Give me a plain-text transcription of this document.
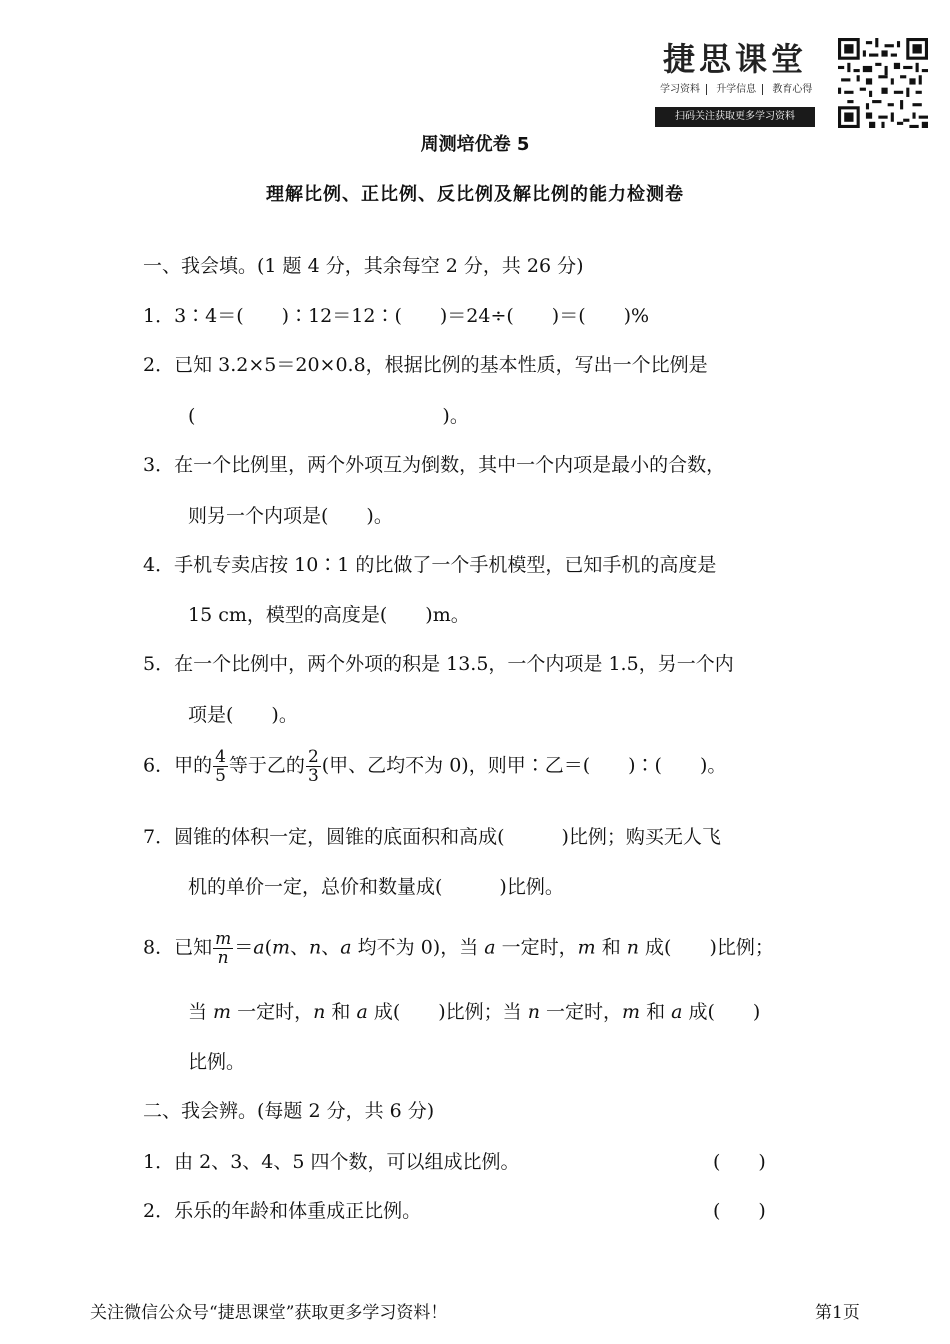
捷思课堂
学习资料 升学信息 教育心得
扫码关注获取更多学习资料
周测培优卷 5
理解比例、正比例、反比例及解比例的能力检测卷
一、我会填。(1 题 4 分，其余每空 2 分，共 26 分)
1．3∶4＝(　　)∶12＝12∶(　　)＝24÷(　　)＝(　　)%
2．已知 3.2×5＝20×0.8，根据比例的基本性质，写出一个比例是
(　　　　　　　　　　　　　)。
3．在一个比例里，两个外项互为倒数，其中一个内项是最小的合数，
则另一个内项是(　　)。
4．手机专卖店按 10∶1 的比做了一个手机模型，已知手机的高度是
15 cm，模型的高度是(　　)m。
5．在一个比例中，两个外项的积是 13.5，一个内项是 1.5，另一个内
项是(　　)。
6．甲的 $\frac{4}{5}$ 等于乙的 $\frac{2}{3}$ (甲、乙均不为 0)，则甲∶乙＝(　　)∶(　　)。
7．圆锥的体积一定，圆锥的底面积和高成(　　　)比例；购买无人飞
机的单价一定，总价和数量成(　　　)比例。
8．已知 $\frac{m}{n} =a(m$、n、a 均不为 0)，当 a 一定时，m 和 n 成(　　)比例；
当 m 一定时，n 和 a 成(　　)比例；当 n 一定时，m 和 a 成(　　)
比例。
二、我会辨。(每题 2 分，共 6 分)
1．由 2、3、4、5 四个数，可以组成比例。	(　　)
2．乐乐的年龄和体重成正比例。	(　　)
关注微信公众号“捷思课堂”获取更多学习资料！	第1页
